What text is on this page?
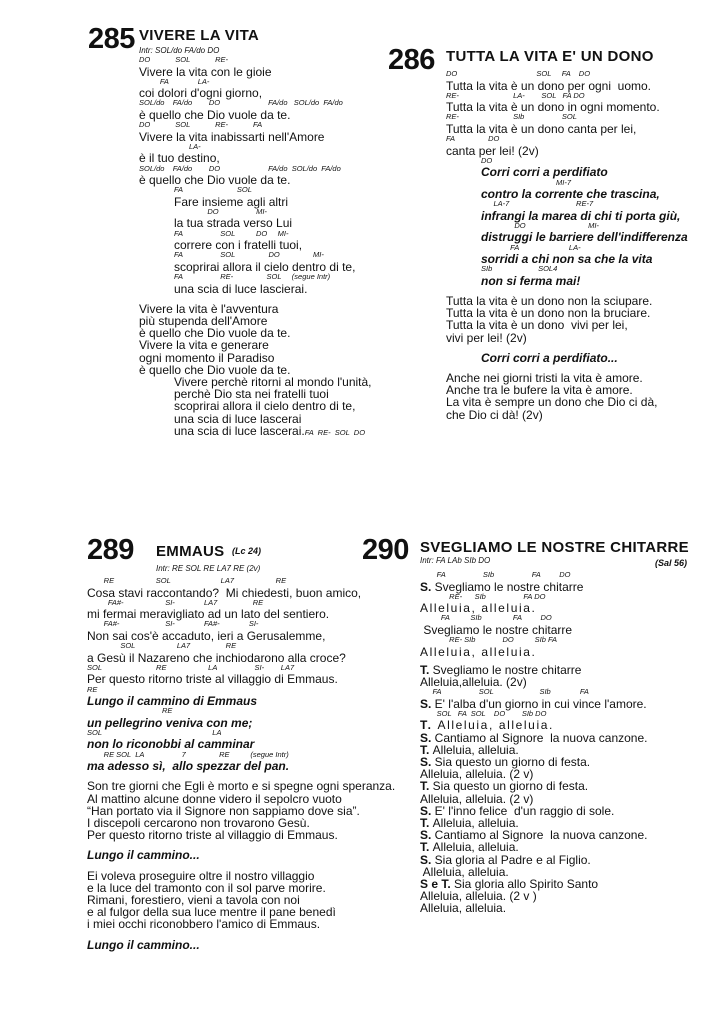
285 VIVERE LA VITA
Intr: SOL/do FA/do DO
DO            SOL            RE-
Vivere la vita con le gioie
FA              LA-
coi dolori d'ogni giorno,
SOL/do    FA/do        DO                       FA/do   SOL/do  FA/do
è quello che Dio vuole da te.
DO            SOL            RE-            FA
Vivere la vita inabissarti nell'Amore
LA-
è il tuo destino,
SOL/do    FA/do        DO                       FA/do  SOL/do  FA/do
è quello che Dio vuole da te.
FA                          SOL
Fare insieme agli altri
DO                  MI-
la tua strada verso Lui
FA                  SOL          DO     MI-
correre con i fratelli tuoi,
FA                  SOL                DO                MI-
scoprirai allora il cielo dentro di te,
FA                  RE-                SOL     (segue Intr)
una scia di luce lascierai.
Vivere la vita è l'avventura
più stupenda dell'Amore
è quello che Dio vuole da te.
Vivere la vita e generare
ogni momento il Paradiso
è quello che Dio vuole da te.
Vivere perchè ritorni al mondo l'unità,
perchè Dio sta nei fratelli tuoi
scoprirai allora il cielo dentro di te,
una scia di luce lascerai
una scia di luce lascerai.FA  RE-  SOL  DO
286 TUTTA LA VITA E' UN DONO
DO                                      SOL     FA    DO
Tutta la vita è un dono per ogni  uomo.
RE-                          LA-        SOL   FA DO
Tutta la vita è un dono in ogni momento.
RE-                          SIb                  SOL
Tutta la vita è un dono canta per lei,
FA                DO
canta per lei! (2v)
DO
Corri corri a perdifiato
MI-7
contro la corrente che trascina,
LA-7                                RE-7
infrangi la marea di chi ti porta giù,
DO                              MI-
distruggi le barriere dell'indifferenza
FA                        LA-
sorridi a chi non sa che la vita
SIb                      SOL4
non si ferma mai!
Tutta la vita è un dono non la sciupare.
Tutta la vita è un dono non la bruciare.
Tutta la vita è un dono  vivi per lei,
vivi per lei! (2v)
Corri corri a perdifiato...
Anche nei giorni tristi la vita è amore.
Anche tra le bufere la vita è amore.
La vita è sempre un dono che Dio ci dà,
che Dio ci dà! (2v)
289 EMMAUS (Lc 24)
Intr: RE SOL RE LA7 RE (2v)
RE                    SOL                        LA7                    RE
Cosa stavi raccontando?  Mi chiedesti, buon amico,
FA#-                    SI-              LA7                 RE
mi fermai meravigliato ad un lato del sentiero.
FA#-                      SI-              FA#-              SI-
Non sai cos'è accaduto, ieri a Gerusalemme,
SOL                    LA7                 RE
a Gesù il Nazareno che inchiodarono alla croce?
SOL                          RE                    LA                  SI-        LA7
Per questo ritorno triste al villaggio di Emmaus.
RE
Lungo il cammino di Emmaus
RE
un pellegrino veniva con me;
SOL                                                     LA
non lo riconobbi al camminar
RE SOL  LA                  7                RE          (segue Intr)
ma adesso sì,  allo spezzar del pan.
Son tre giorni che Egli è morto e si spegne ogni speranza.
Al mattino alcune donne videro il sepolcro vuoto
“Han portato via il Signore non sappiamo dove sia”.
I discepoli cercarono non trovarono Gesù.
Per questo ritorno triste al villaggio di Emmaus.
Lungo il cammino...
Ei voleva proseguire oltre il nostro villaggio
e la luce del tramonto con il sol parve morire.
Rimani, forestiero, vieni a tavola con noi
e al fulgor della sua luce mentre il pane benedì
i miei occhi riconobbero l'amico di Emmaus.
Lungo il cammino...
290 SVEGLIAMO LE NOSTRE CHITARRE
(Sal 56)
Intr: FA LAb SIb DO
FA                  SIb                  FA         DO
S. Svegliamo le nostre chitarre
RE-      SIb                  FA DO
Alleluia, alleluia.
FA          SIb               FA         DO
Svegliamo le nostre chitarre
RE- SIb             DO          SIb FA
Alleluia, alleluia.
T. Svegliamo le nostre chitarre
Alleluia,alleluia. (2v)
FA                  SOL                      SIb              FA
S. E' l'alba d'un giorno in cui vince l'amore.
SOL   FA  SOL    DO        SIb DO
T. Alleluia, alleluia.
S. Cantiamo al Signore  la nuova canzone.
T. Alleluia, alleluia.
S. Sia questo un giorno di festa.
Alleluia, alleluia. (2 v)
T. Sia questo un giorno di festa.
Alleluia, alleluia. (2 v)
S. E' l'inno felice  d'un raggio di sole.
T. Alleluia, alleluia.
S. Cantiamo al Signore  la nuova canzone.
T. Alleluia, alleluia.
S. Sia gloria al Padre e al Figlio.
Alleluia, alleluia.
S e T. Sia gloria allo Spirito Santo
Alleluia, alleluia. (2 v )
Alleluia, alleluia.
